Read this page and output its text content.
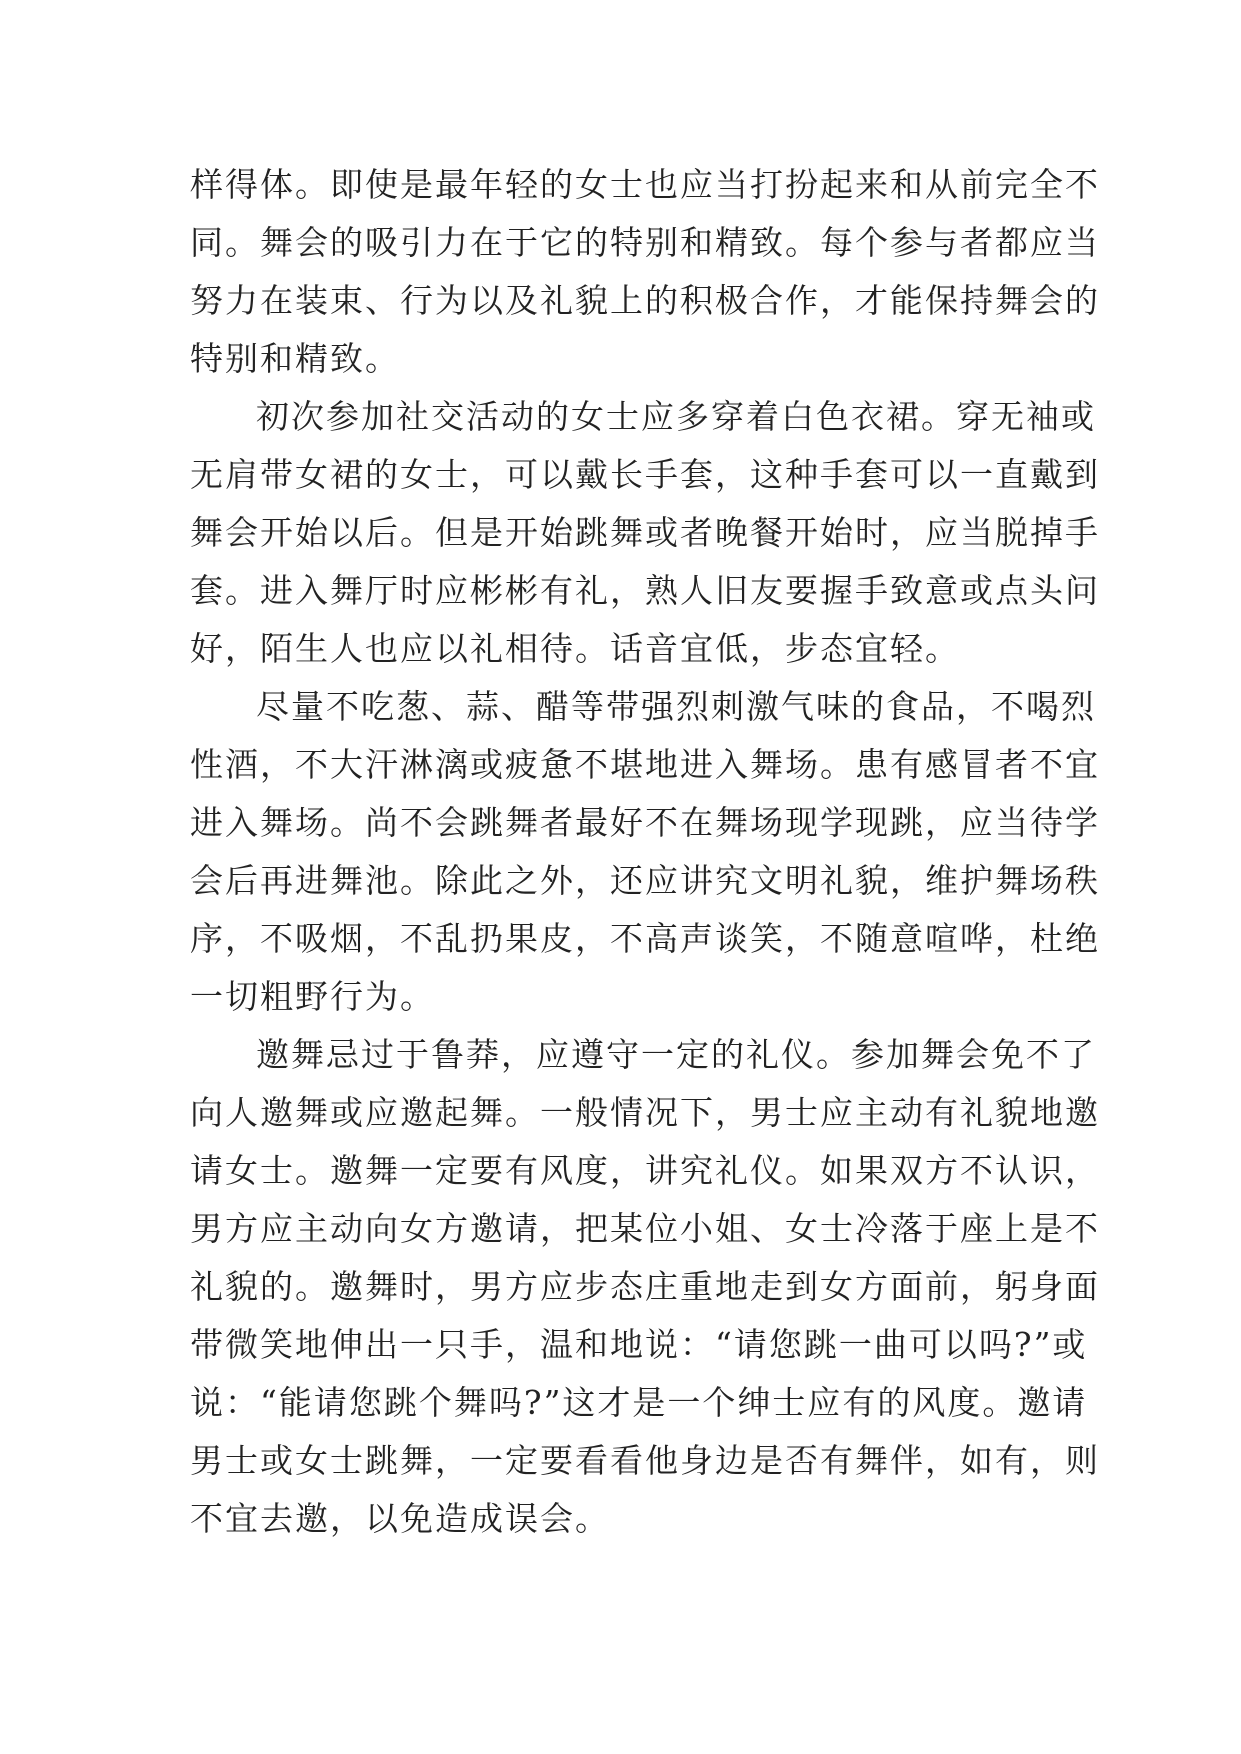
样得体。即使是最年轻的女士也应当打扮起来和从前完全不
同。舞会的吸引力在于它的特别和精致。每个参与者都应当
努力在装束、行为以及礼貌上的积极合作，才能保持舞会的
特别和精致。
初次参加社交活动的女士应多穿着白色衣裙。穿无袖或
无肩带女裙的女士，可以戴长手套，这种手套可以一直戴到
舞会开始以后。但是开始跳舞或者晚餐开始时，应当脱掉手
套。进入舞厅时应彬彬有礼，熟人旧友要握手致意或点头问
好，陌生人也应以礼相待。话音宜低，步态宜轻。
尽量不吃葱、蒜、醋等带强烈刺激气味的食品，不喝烈
性酒，不大汗淋漓或疲惫不堪地进入舞场。患有感冒者不宜
进入舞场。尚不会跳舞者最好不在舞场现学现跳，应当待学
会后再进舞池。除此之外，还应讲究文明礼貌，维护舞场秩
序，不吸烟，不乱扔果皮，不高声谈笑，不随意喧哗，杜绝
一切粗野行为。
邀舞忌过于鲁莽，应遵守一定的礼仪。参加舞会免不了
向人邀舞或应邀起舞。一般情况下，男士应主动有礼貌地邀
请女士。邀舞一定要有风度，讲究礼仪。如果双方不认识，
男方应主动向女方邀请，把某位小姐、女士冷落于座上是不
礼貌的。邀舞时，男方应步态庄重地走到女方面前，躬身面
带微笑地伸出一只手，温和地说：“请您跳一曲可以吗?”或
说：“能请您跳个舞吗?”这才是一个绅士应有的风度。邀请
男士或女士跳舞，一定要看看他身边是否有舞伴，如有，则
不宜去邀，以免造成误会。
